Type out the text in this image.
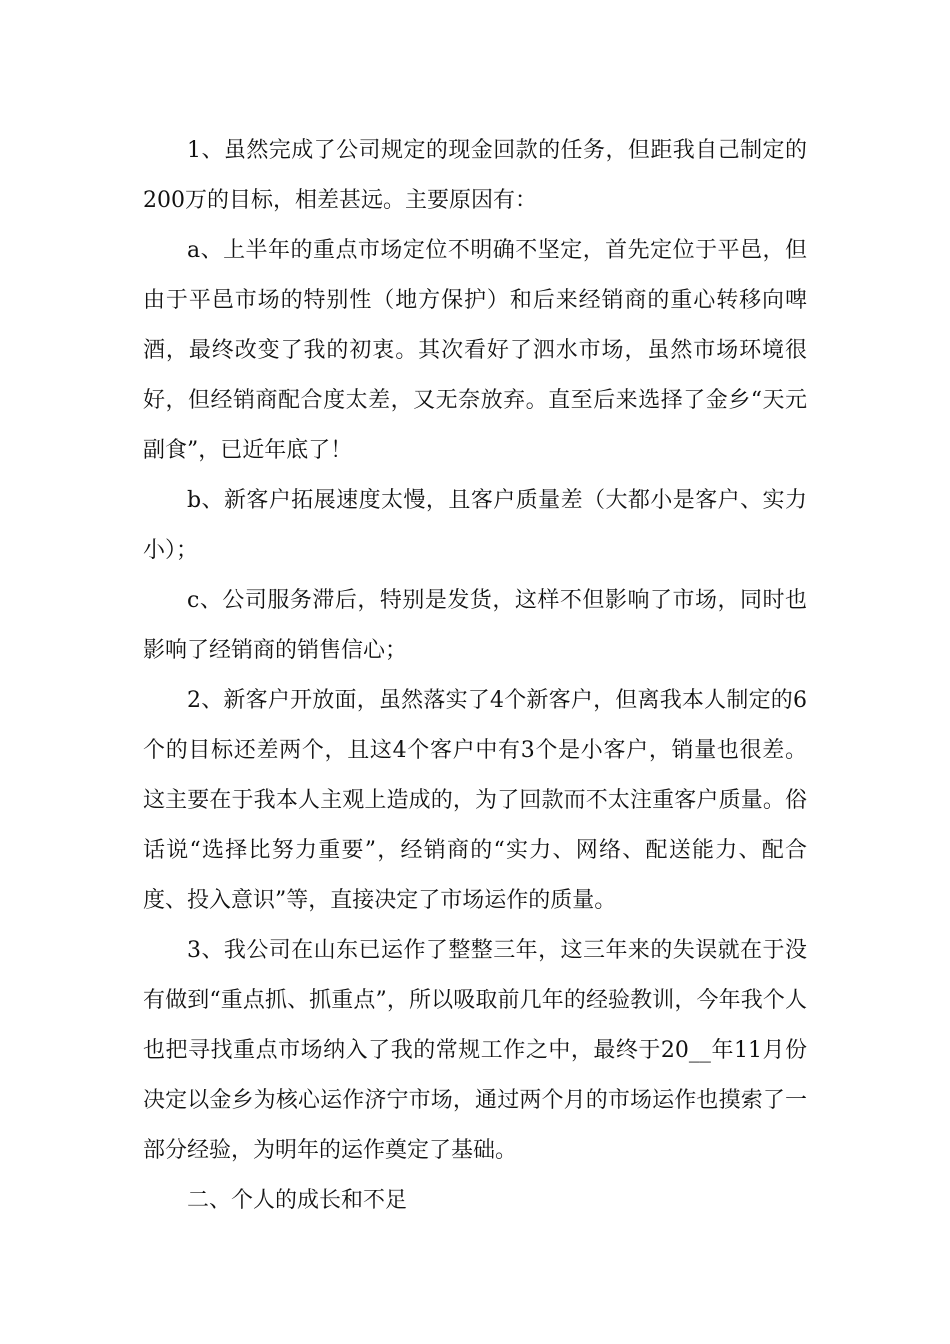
1、虽然完成了公司规定的现金回款的任务，但距我自己制定的200万的目标，相差甚远。主要原因有：

a、上半年的重点市场定位不明确不坚定，首先定位于平邑，但由于平邑市场的特别性（地方保护）和后来经销商的重心转移向啤酒，最终改变了我的初衷。其次看好了泗水市场，虽然市场环境很好，但经销商配合度太差，又无奈放弃。直至后来选择了金乡“天元副食”，已近年底了！

b、新客户拓展速度太慢，且客户质量差（大都小是客户、实力小）；

c、公司服务滞后，特别是发货，这样不但影响了市场，同时也影响了经销商的销售信心；

2、新客户开放面，虽然落实了4个新客户，但离我本人制定的6个的目标还差两个，且这4个客户中有3个是小客户，销量也很差。这主要在于我本人主观上造成的，为了回款而不太注重客户质量。俗话说“选择比努力重要”，经销商的“实力、网络、配送能力、配合度、投入意识”等，直接决定了市场运作的质量。

3、我公司在山东已运作了整整三年，这三年来的失误就在于没有做到“重点抓、抓重点”，所以吸取前几年的经验教训，今年我个人也把寻找重点市场纳入了我的常规工作之中，最终于20__年11月份决定以金乡为核心运作济宁市场，通过两个月的市场运作也摸索了一部分经验，为明年的运作奠定了基础。

二、个人的成长和不足
